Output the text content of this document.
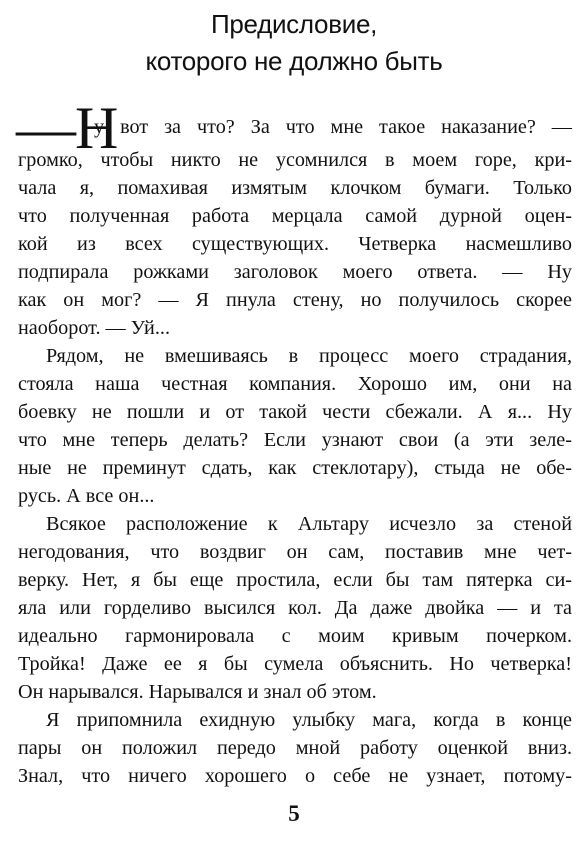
Предисловие,
которого не должно быть
—Н
у вот за что? За что мне такое наказание? —
громко, чтобы никто не усомнился в моем горе, кри-
чала я, помахивая измятым клочком бумаги. Только
что полученная работа мерцала самой дурной оцен-
кой из всех существующих. Четверка насмешливо
подпирала рожками заголовок моего ответа. — Ну
как он мог? — Я пнула стену, но получилось скорее
наоборот. — Уй...
Рядом, не вмешиваясь в процесс моего страдания,
стояла наша честная компания. Хорошо им, они на
боевку не пошли и от такой чести сбежали. А я... Ну
что мне теперь делать? Если узнают свои (а эти зеле-
ные не преминут сдать, как стеклотару), стыда не обе-
русь. А все он...
Всякое расположение к Альтару исчезло за стеной
негодования, что воздвиг он сам, поставив мне чет-
верку. Нет, я бы еще простила, если бы там пятерка си-
яла или горделиво высился кол. Да даже двойка — и та
идеально гармонировала с моим кривым почерком.
Тройка! Даже ее я бы сумела объяснить. Но четверка!
Он нарывался. Нарывался и знал об этом.
Я припомнила ехидную улыбку мага, когда в конце
пары он положил передо мной работу оценкой вниз.
Знал, что ничего хорошего о себе не узнает, потому-
5
